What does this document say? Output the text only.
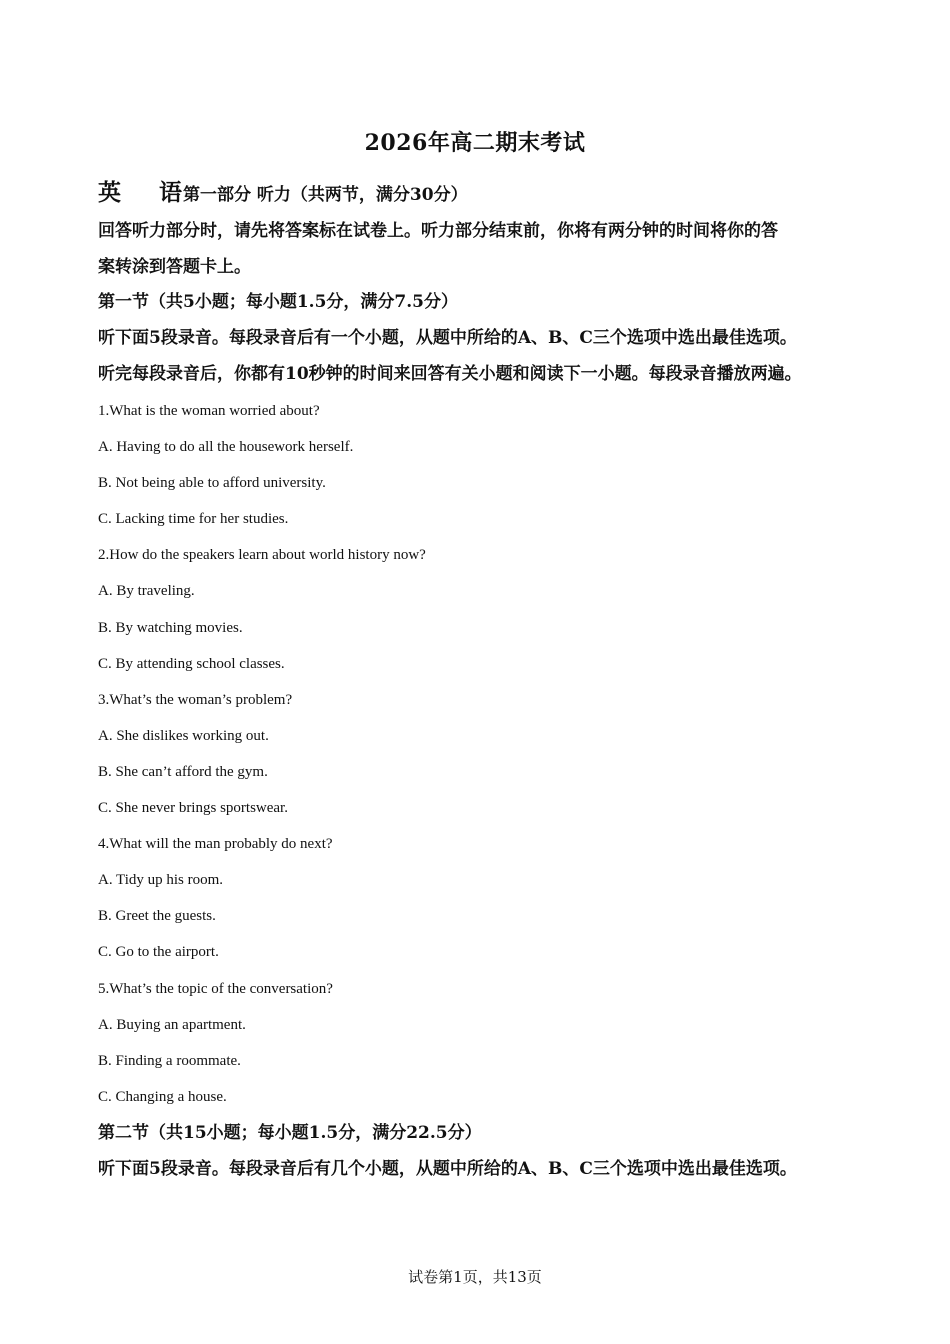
2026年高二期末考试
英 语第一部分 听力（共两节，满分30分）
回答听力部分时，请先将答案标在试卷上。听力部分结束前，你将有两分钟的时间将你的答
案转涂到答题卡上。
第一节（共5小题；每小题1.5分，满分7.5分）
听下面5段录音。每段录音后有一个小题，从题中所给的A、B、C三个选项中选出最佳选项。
听完每段录音后，你都有10秒钟的时间来回答有关小题和阅读下一小题。每段录音播放两遍。
1.What is the woman worried about?
A. Having to do all the housework herself.
B. Not being able to afford university.
C. Lacking time for her studies.
2.How do the speakers learn about world history now?
A. By traveling.
B. By watching movies.
C. By attending school classes.
3.What’s the woman’s problem?
A. She dislikes working out.
B. She can’t afford the gym.
C. She never brings sportswear.
4.What will the man probably do next?
A. Tidy up his room.
B. Greet the guests.
C. Go to the airport.
5.What’s the topic of the conversation?
A. Buying an apartment.
B. Finding a roommate.
C. Changing a house.
第二节（共15小题；每小题1.5分，满分22.5分）
听下面5段录音。每段录音后有几个小题，从题中所给的A、B、C三个选项中选出最佳选项。
试卷第1页，共13页
